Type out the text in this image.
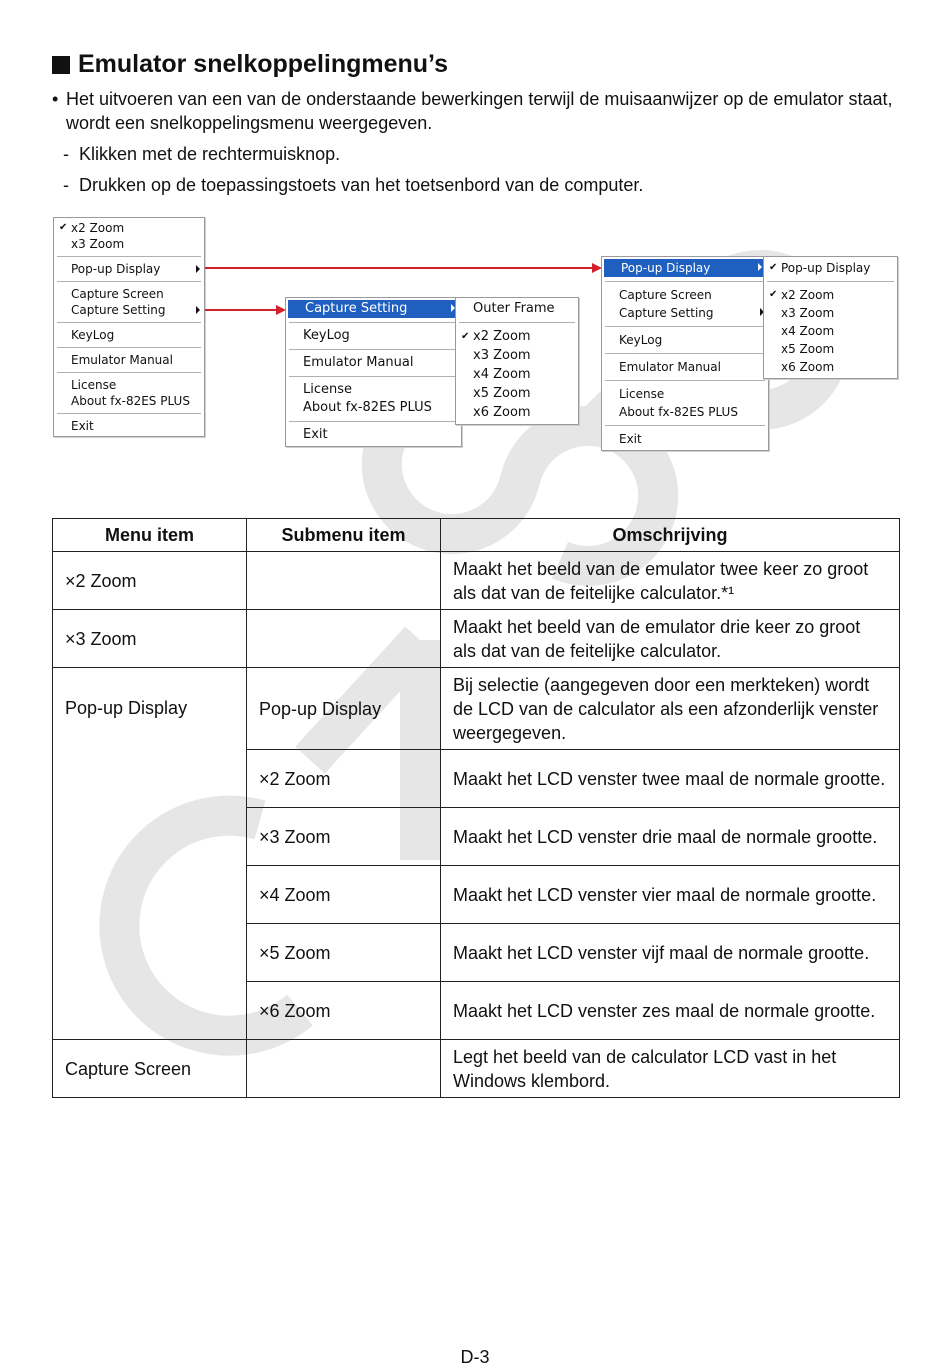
Emulator snelkoppelingmenu’s
• Het uitvoeren van een van de onderstaande bewerkingen terwijl de muisaanwijzer op de emulator staat, wordt een snelkoppelingsmenu weergegeven.
- Klikken met de rechtermuisknop.
- Drukken op de toepassingstoets van het toetsenbord van de computer.
✔ x2 Zoom
x3 Zoom
Pop-up Display
Capture Screen
Capture Setting
KeyLog
Emulator Manual
License
About fx-82ES PLUS
Exit
Capture Setting
KeyLog
Emulator Manual
License
About fx-82ES PLUS
Exit
Outer Frame
✔ x2 Zoom
x3 Zoom
x4 Zoom
x5 Zoom
x6 Zoom
Pop-up Display
Capture Screen
Capture Setting
KeyLog
Emulator Manual
License
About fx-82ES PLUS
Exit
✔ Pop-up Display
✔ x2 Zoom
x3 Zoom
x4 Zoom
x5 Zoom
x6 Zoom
Menu item	Submenu item	Omschrijving
×2 Zoom		Maakt het beeld van de emulator twee keer zo groot als dat van de feitelijke calculator.*¹
×3 Zoom		Maakt het beeld van de emulator drie keer zo groot als dat van de feitelijke calculator.
Pop-up Display	Pop-up Display	Bij selectie (aangegeven door een merkteken) wordt de LCD van de calculator als een afzonderlijk venster weergegeven.
	×2 Zoom	Maakt het LCD venster twee maal de normale grootte.
	×3 Zoom	Maakt het LCD venster drie maal de normale grootte.
	×4 Zoom	Maakt het LCD venster vier maal de normale grootte.
	×5 Zoom	Maakt het LCD venster vijf maal de normale grootte.
	×6 Zoom	Maakt het LCD venster zes maal de normale grootte.
Capture Screen		Legt het beeld van de calculator LCD vast in het Windows klembord.
D-3
